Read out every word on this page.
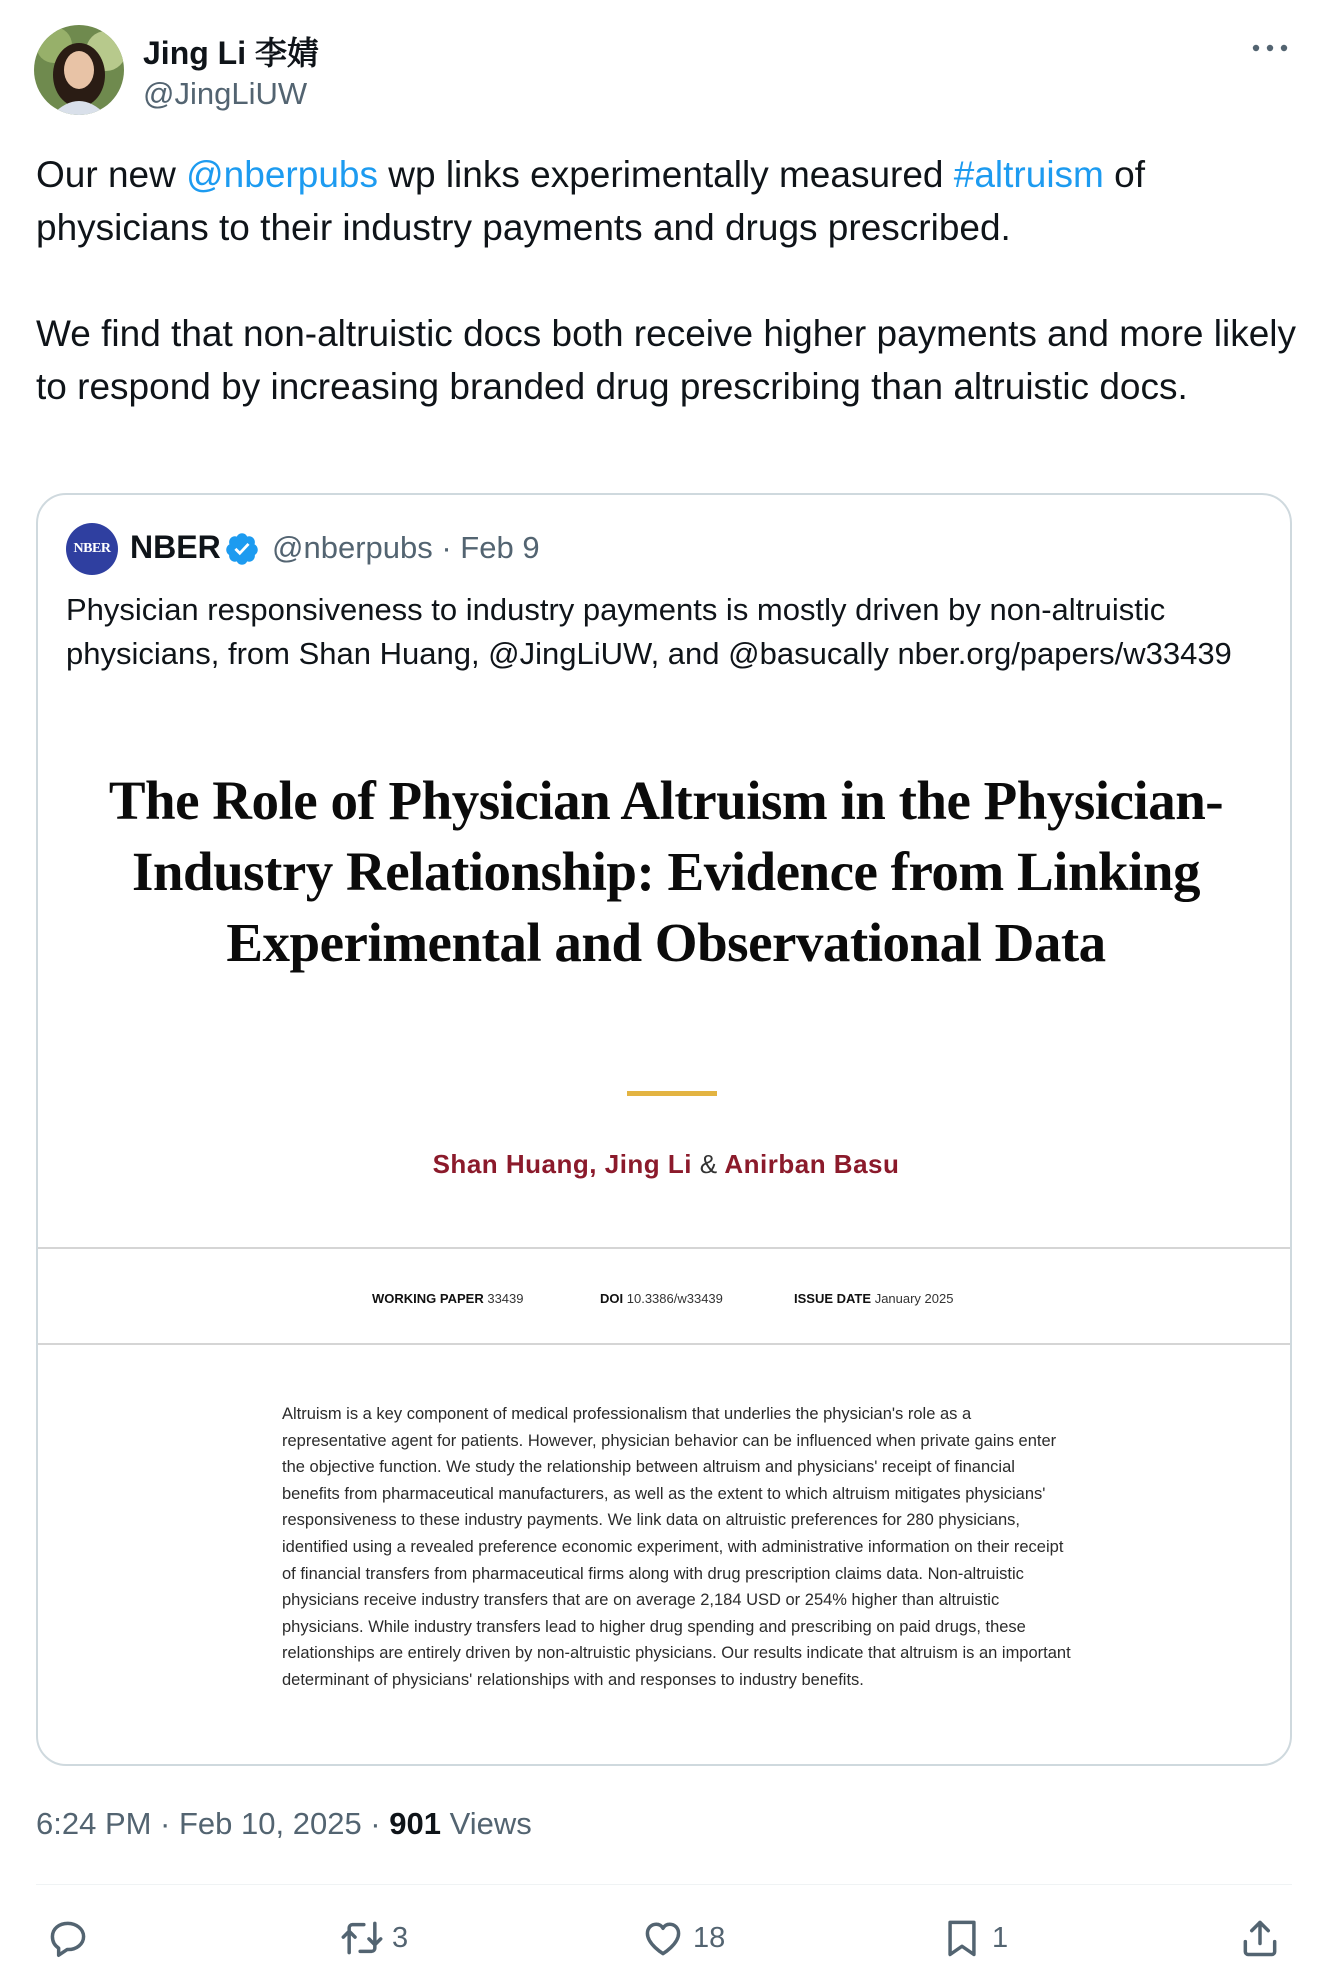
Jing Li 李婧
@JingLiUW

Our new @nberpubs wp links experimentally measured #altruism of physicians to their industry payments and drugs prescribed.

We find that non-altruistic docs both receive higher payments and more likely to respond by increasing branded drug prescribing than altruistic docs.

NBER NBER @nberpubs · Feb 9
Physician responsiveness to industry payments is mostly driven by non-altruistic physicians, from Shan Huang, @JingLiUW, and @basucally nber.org/papers/w33439
The Role of Physician Altruism in the Physician-Industry Relationship: Evidence from Linking Experimental and Observational Data
Shan Huang, Jing Li & Anirban Basu
WORKING PAPER 33439	DOI 10.3386/w33439	ISSUE DATE January 2025
Altruism is a key component of medical professionalism that underlies the physician's role as a representative agent for patients. However, physician behavior can be influenced when private gains enter the objective function. We study the relationship between altruism and physicians' receipt of financial benefits from pharmaceutical manufacturers, as well as the extent to which altruism mitigates physicians' responsiveness to these industry payments. We link data on altruistic preferences for 280 physicians, identified using a revealed preference economic experiment, with administrative information on their receipt of financial transfers from pharmaceutical firms along with drug prescription claims data. Non-altruistic physicians receive industry transfers that are on average 2,184 USD or 254% higher than altruistic physicians. While industry transfers lead to higher drug spending and prescribing on paid drugs, these relationships are entirely driven by non-altruistic physicians. Our results indicate that altruism is an important determinant of physicians' relationships with and responses to industry benefits.
6:24 PM · Feb 10, 2025 · 901 Views
3	18	1
